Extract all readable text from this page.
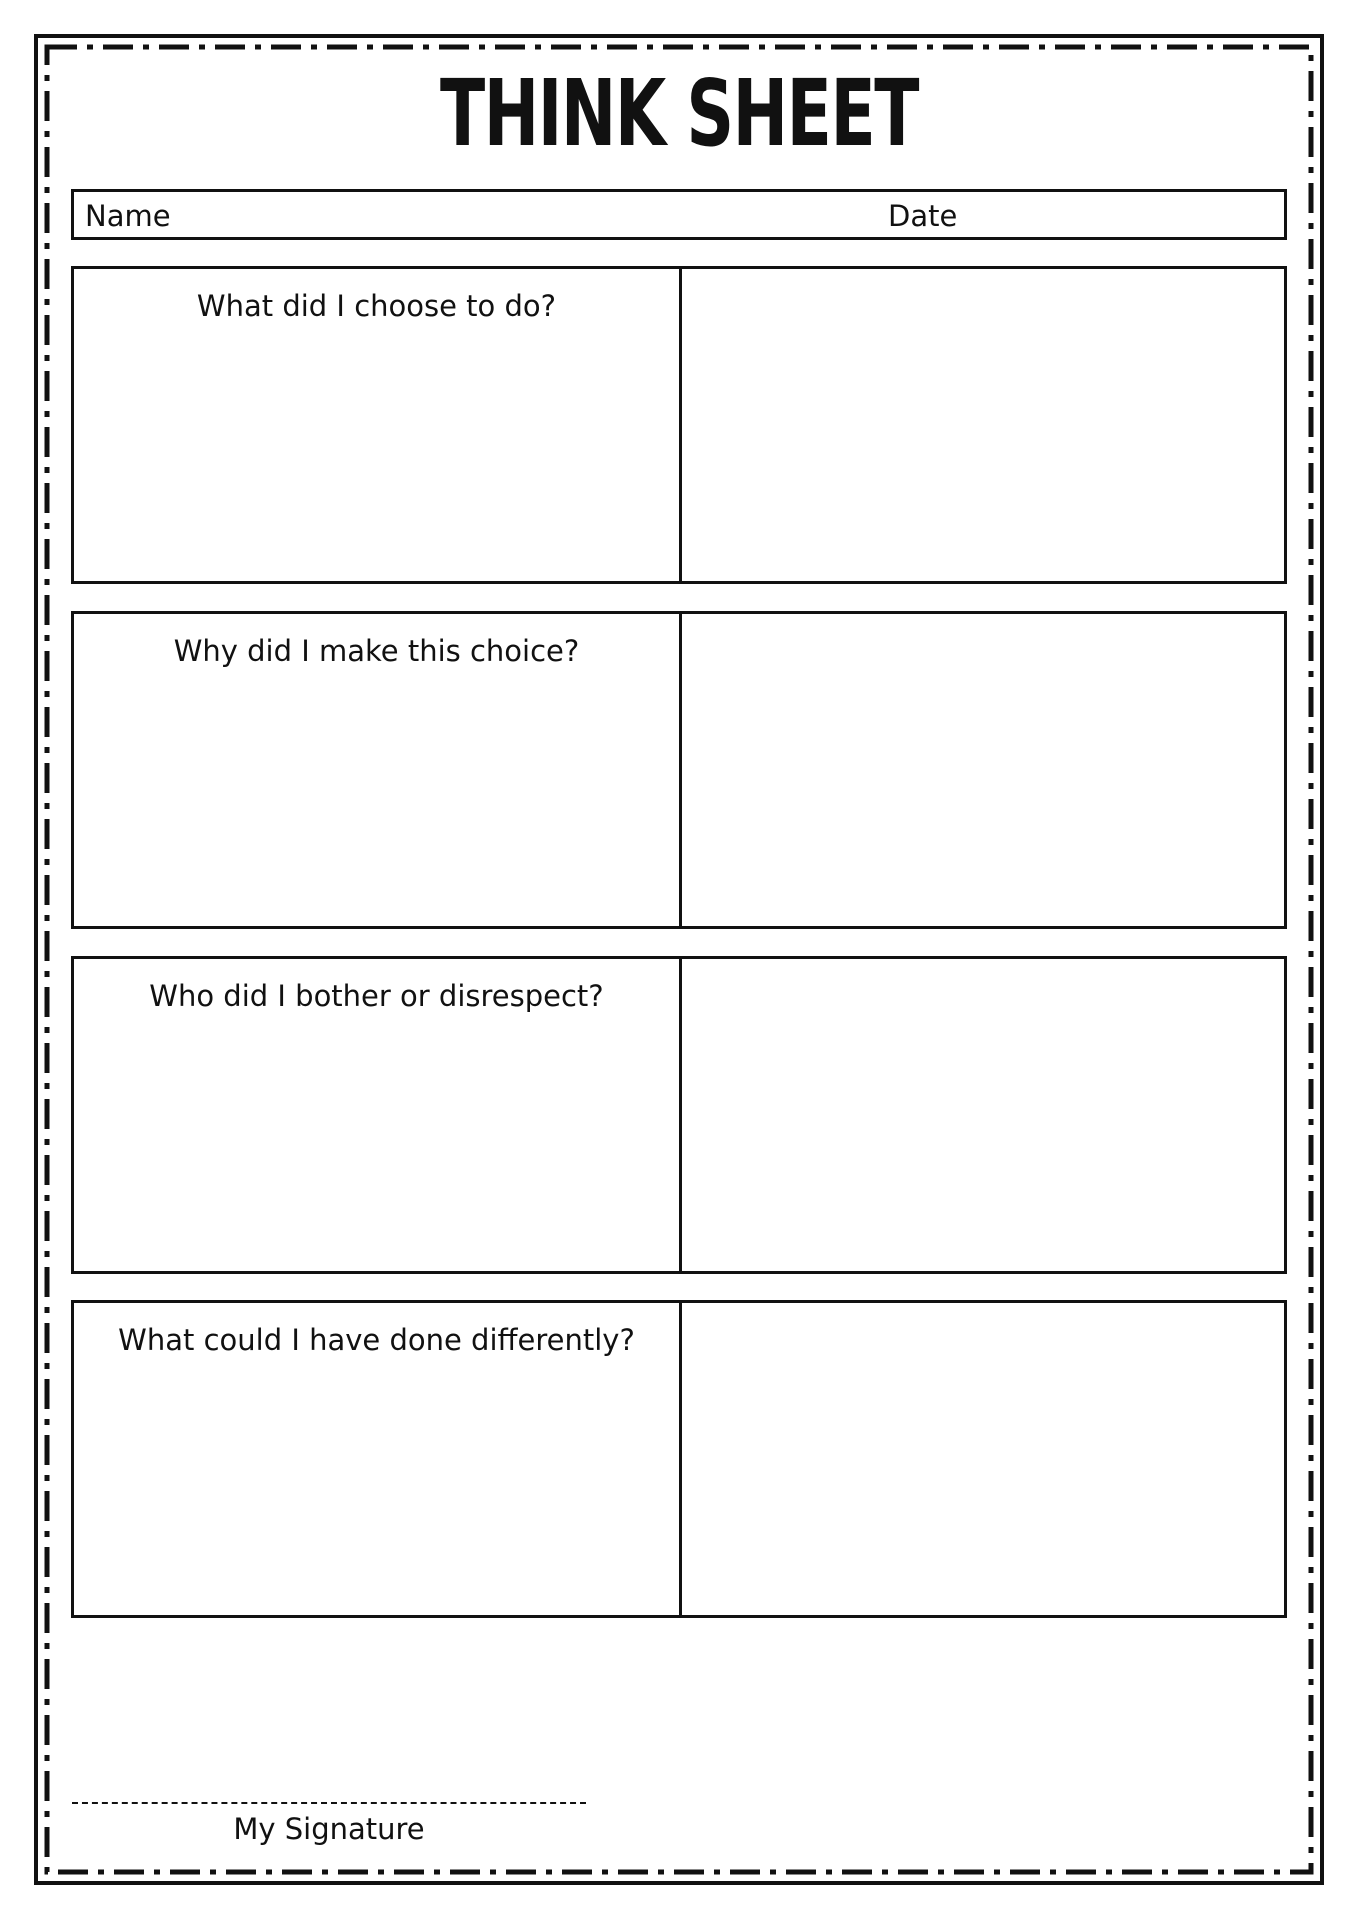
THINK SHEET
Name	Date
What did I choose to do?
Why did I make this choice?
Who did I bother or disrespect?
What could I have done differently?
My Signature
